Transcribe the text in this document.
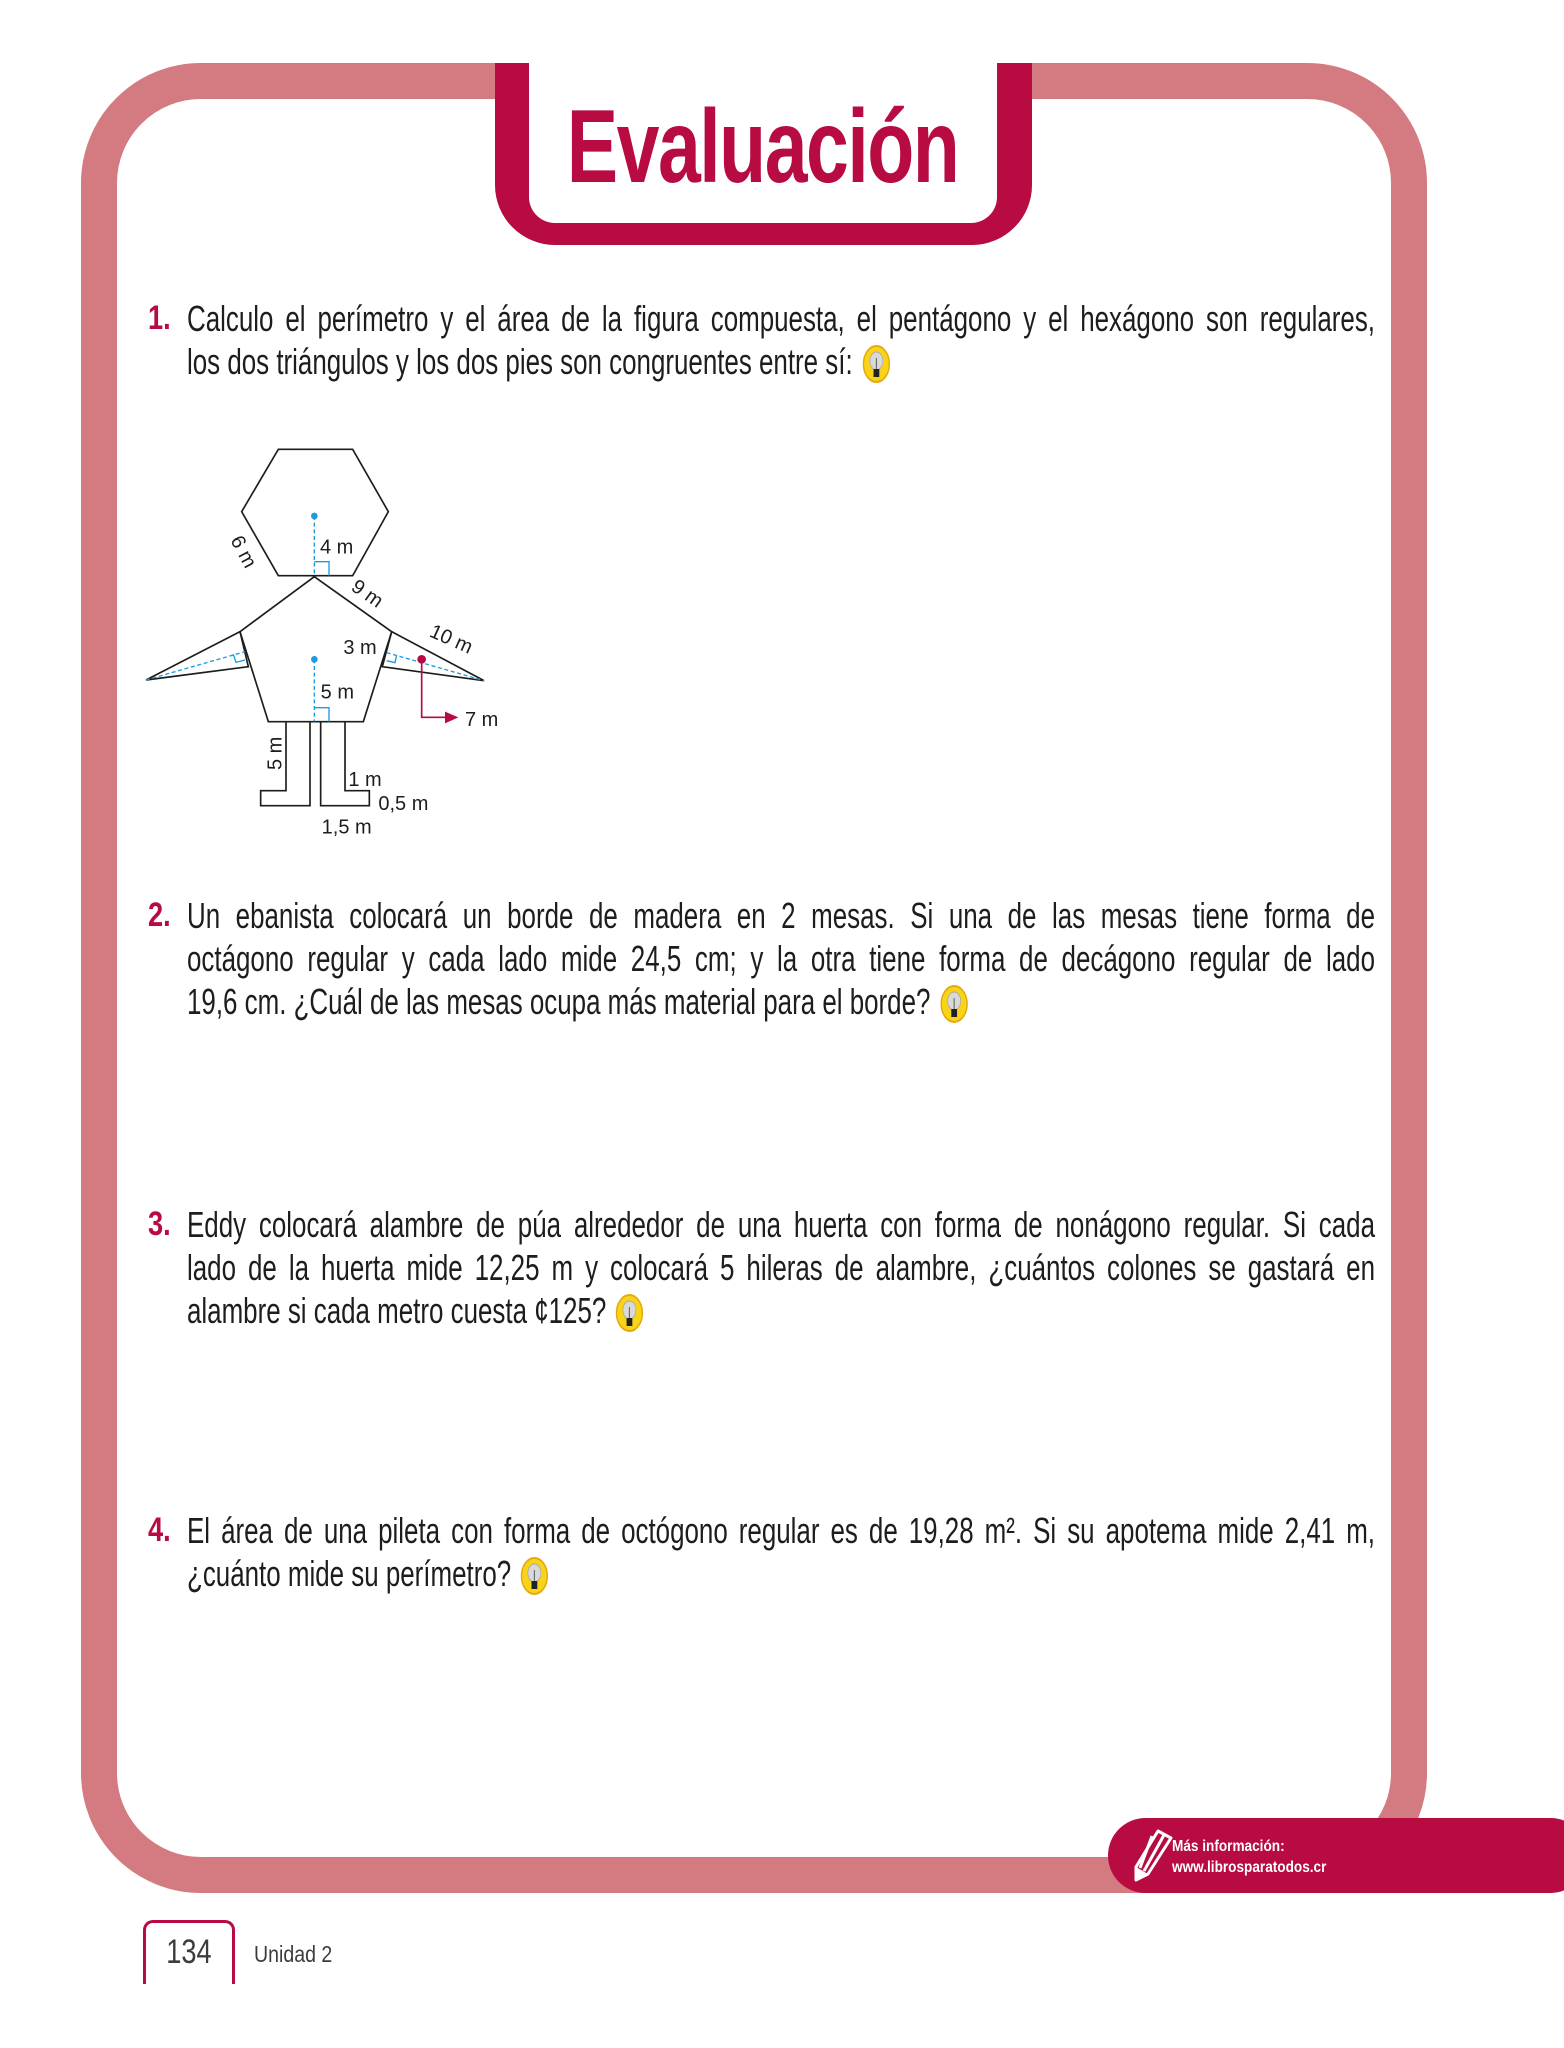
Evaluación
1. Calculo el perímetro y el área de la figura compuesta, el pentágono y el hexágono son regulares,
los dos triángulos y los dos pies son congruentes entre sí:
6 m 4 m
9 m
10 m
3 m
5 m
7 m
5 m
1 m
0,5 m
1,5 m
2. Un ebanista colocará un borde de madera en 2 mesas. Si una de las mesas tiene forma de
octágono regular y cada lado mide 24,5 cm; y la otra tiene forma de decágono regular de lado
19,6 cm. ¿Cuál de las mesas ocupa más material para el borde?
3. Eddy colocará alambre de púa alrededor de una huerta con forma de nonágono regular. Si cada
lado de la huerta mide 12,25 m y colocará 5 hileras de alambre, ¿cuántos colones se gastará en
alambre si cada metro cuesta ¢125?
4. El área de una pileta con forma de octógono regular es de 19,28 m². Si su apotema mide 2,41 m,
¿cuánto mide su perímetro?
Más información:
www.librosparatodos.cr
134	Unidad 2
